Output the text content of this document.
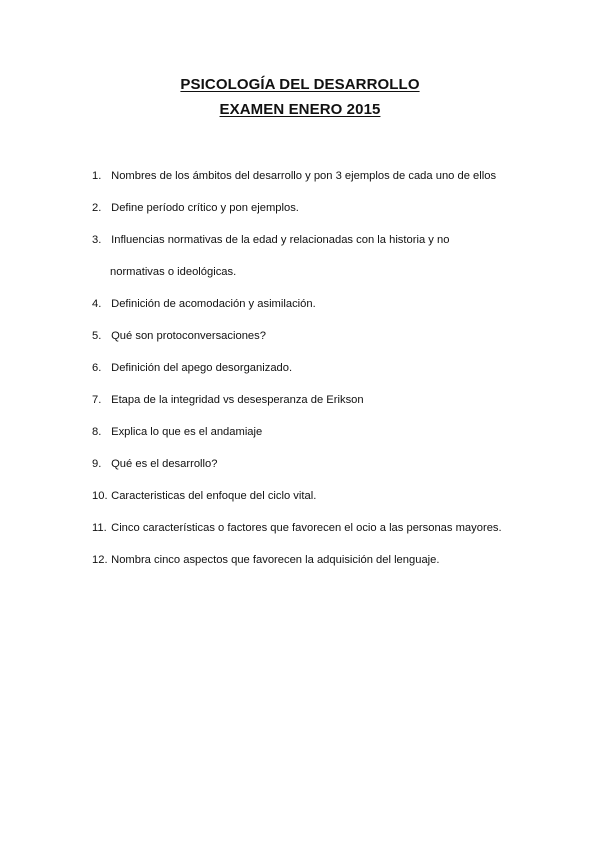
PSICOLOGÍA DEL DESARROLLO
EXAMEN ENERO 2015
1. Nombres de los ámbitos del desarrollo y pon 3 ejemplos de cada uno de ellos
2. Define período crítico y pon ejemplos.
3. Influencias normativas de la edad y relacionadas con la historia y no
normativas o ideológicas.
4. Definición de acomodación y asimilación.
5. Qué son protoconversaciones?
6. Definición del apego desorganizado.
7. Etapa de la integridad vs desesperanza de Erikson
8. Explica lo que es el andamiaje
9. Qué es el desarrollo?
10. Caracteristicas del enfoque del ciclo vital.
11. Cinco características o factores que favorecen el ocio a las personas mayores.
12. Nombra cinco aspectos que favorecen la adquisición del lenguaje.
